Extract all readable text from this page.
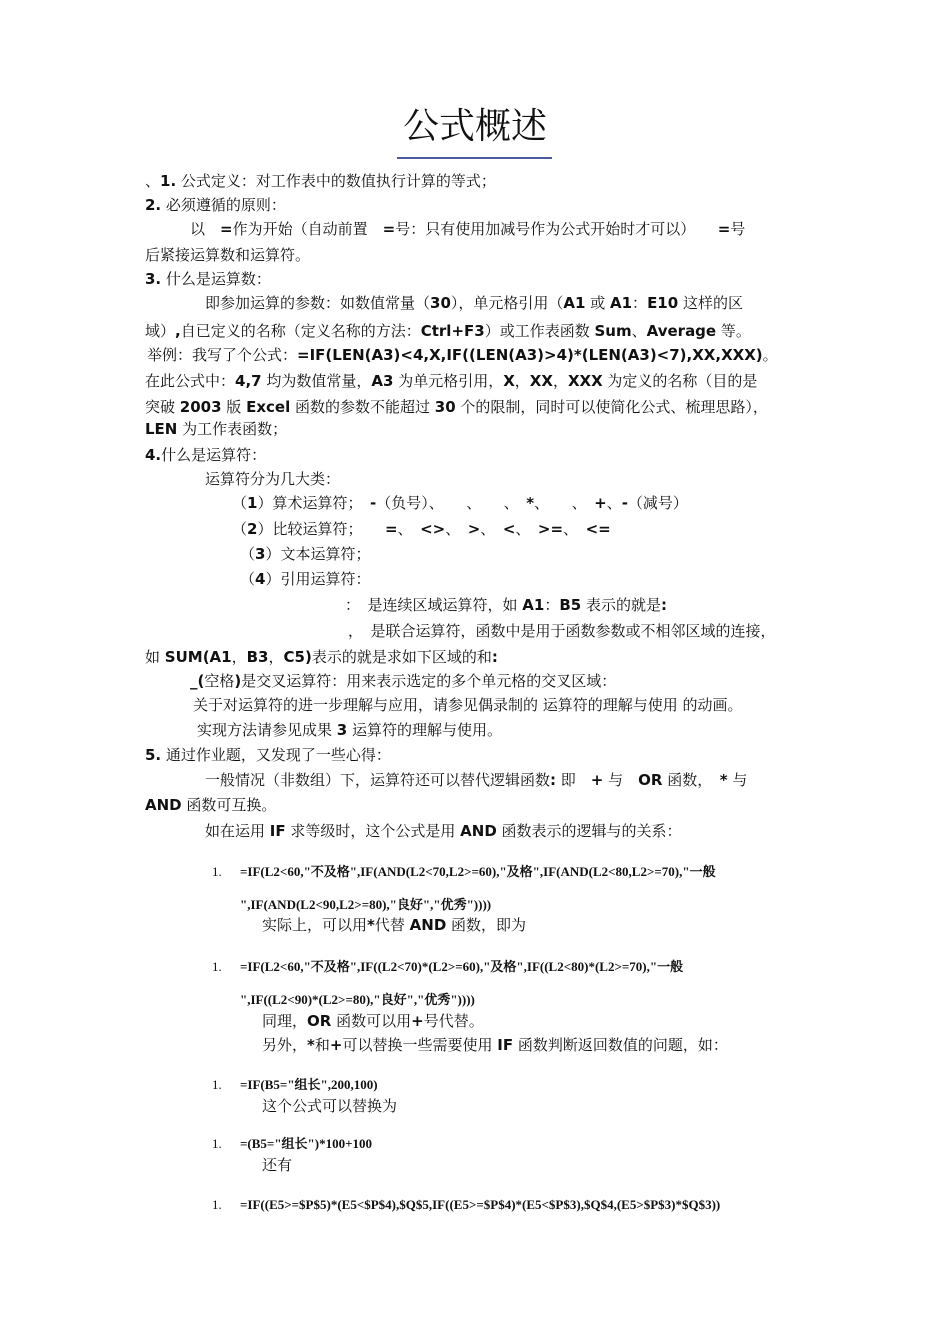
公式概述
、1. 公式定义：对工作表中的数值执行计算的等式；
2. 必须遵循的原则：
以　=作为开始（自动前置　=号：只有使用加减号作为公式开始时才可以）　　=号
后紧接运算数和运算符。
3. 什么是运算数：
即参加运算的参数：如数值常量（30），单元格引用（A1 或 A1：E10 这样的区
域）,自已定义的名称（定义名称的方法：Ctrl+F3）或工作表函数 Sum、Average 等。
举例：我写了个公式：=IF(LEN(A3)<4,X,IF((LEN(A3)>4)*(LEN(A3)<7),XX,XXX)。
在此公式中：4,7 均为数值常量，A3 为单元格引用，X，XX，XXX 为定义的名称（目的是
突破 2003 版 Excel 函数的参数不能超过 30 个的限制，同时可以使简化公式、梳理思路），
LEN 为工作表函数；
4.什么是运算符：
运算符分为几大类：
（1）算术运算符；　-（负号）、　　、　　、　*、　　、　+、-（减号）
（2）比较运算符；　　=、　<>、　>、　<、　>=、　<=
（3）文本运算符；
（4）引用运算符：
：　是连续区域运算符，如 A1：B5 表示的就是:
，　是联合运算符，函数中是用于函数参数或不相邻区域的连接，
如 SUM(A1，B3，C5)表示的就是求如下区域的和:
_(空格)是交叉运算符：用来表示选定的多个单元格的交叉区域：
关于对运算符的进一步理解与应用，请参见偶录制的 运算符的理解与使用 的动画。
实现方法请参见成果 3 运算符的理解与使用。
5. 通过作业题，又发现了一些心得：
一般情况（非数组）下，运算符还可以替代逻辑函数: 即　+ 与　OR 函数，　* 与
AND 函数可互换。
如在运用 IF 求等级时，这个公式是用 AND 函数表示的逻辑与的关系：
实际上，可以用*代替 AND 函数，即为
同理，OR 函数可以用+号代替。
另外，*和+可以替换一些需要使用 IF 函数判断返回数值的问题，如：
这个公式可以替换为
还有
1. =IF(L2<60,"不及格",IF(AND(L2<70,L2>=60),"及格",IF(AND(L2<80,L2>=70),"一般
",IF(AND(L2<90,L2>=80),"良好","优秀"))))
1. =IF(L2<60,"不及格",IF((L2<70)*(L2>=60),"及格",IF((L2<80)*(L2>=70),"一般
",IF((L2<90)*(L2>=80),"良好","优秀"))))
1. =IF(B5="组长",200,100)
1. =(B5="组长")*100+100
1. =IF((E5>=$P$5)*(E5<$P$4),$Q$5,IF((E5>=$P$4)*(E5<$P$3),$Q$4,(E5>$P$3)*$Q$3))
